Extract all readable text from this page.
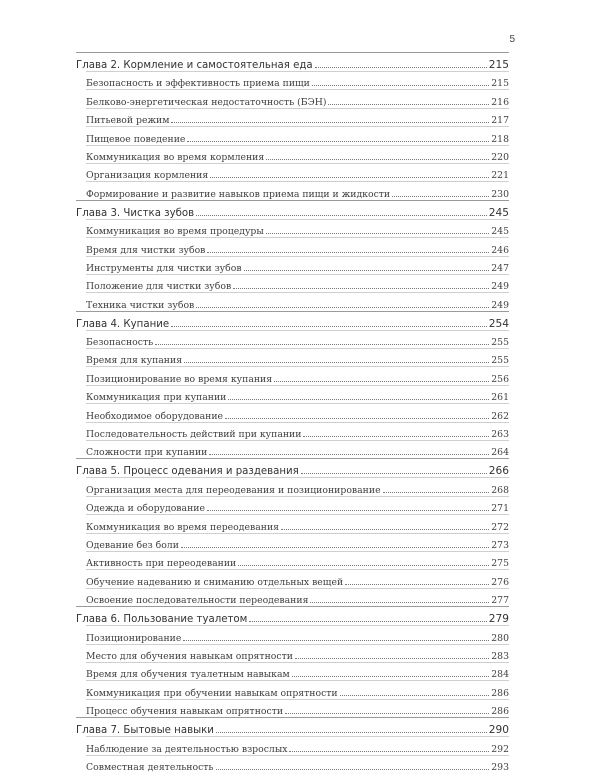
5
Глава 2. Кормление и самостоятельная еда	215
Безопасность и эффективность приема пищи	215
Белково-энергетическая недостаточность (БЭН)	216
Питьевой режим	217
Пищевое поведение	218
Коммуникация во время кормления	220
Организация кормления	221
Формирование и развитие навыков приема пищи и жидкости	230
Глава 3. Чистка зубов	245
Коммуникация во время процедуры	245
Время для чистки зубов	246
Инструменты для чистки зубов	247
Положение для чистки зубов	249
Техника чистки зубов	249
Глава 4. Купание	254
Безопасность	255
Время для купания	255
Позиционирование во время купания	256
Коммуникация при купании	261
Необходимое оборудование	262
Последовательность действий при купании	263
Сложности при купании	264
Глава 5. Процесс одевания и раздевания	266
Организация места для переодевания и позиционирование	268
Одежда и оборудование	271
Коммуникация во время переодевания	272
Одевание без боли	273
Активность при переодевании	275
Обучение надеванию и сниманию отдельных вещей	276
Освоение последовательности переодевания	277
Глава 6. Пользование туалетом	279
Позиционирование	280
Место для обучения навыкам опрятности	283
Время для обучения туалетным навыкам	284
Коммуникация при обучении навыкам опрятности	286
Процесс обучения навыкам опрятности	286
Глава 7. Бытовые навыки	290
Наблюдение за деятельностью взрослых	292
Совместная деятельность	293
